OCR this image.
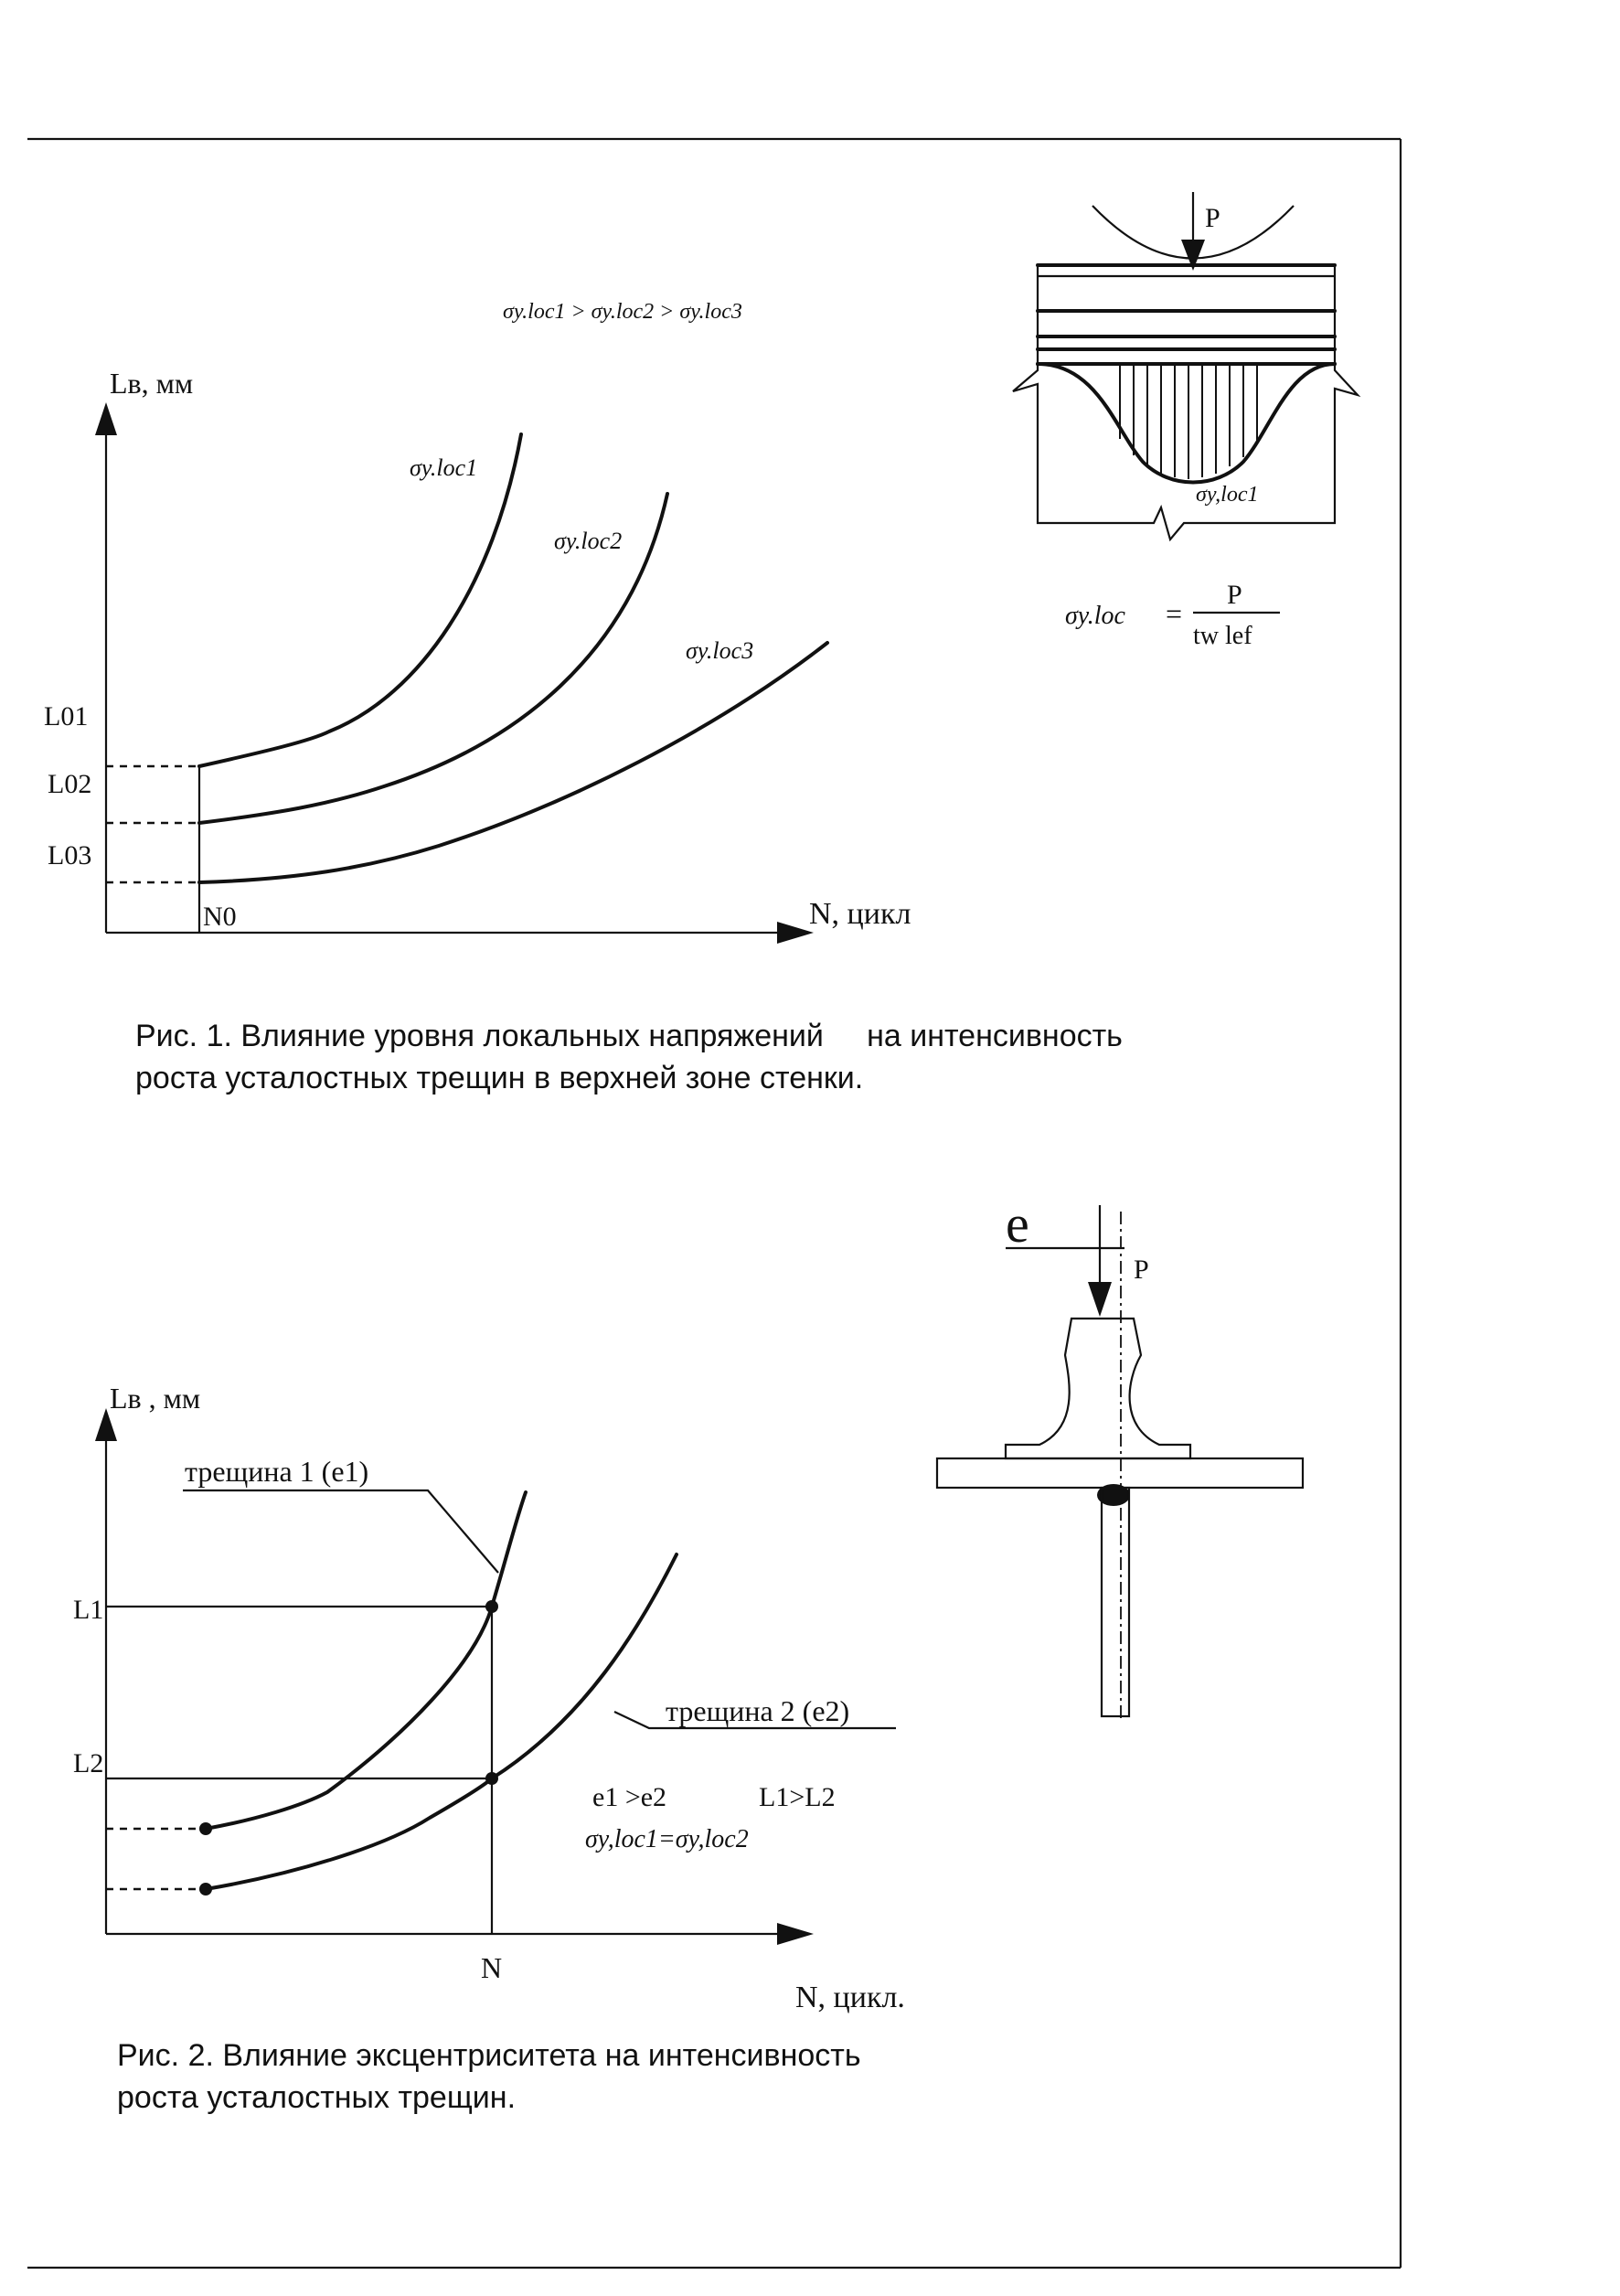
Lв, мм
N, цикл
σy.loc1 > σy.loc2 > σy.loc3
σy.loc1
σy.loc2
σy.loc3
L01
L02
L03
N0
P
σy,loc1
σy.loc =
P
tw lef
Lв , мм
N, цикл.
трещина 1 (e1)
трещина 2 (e2)
L1
L2
N
e1 >e2	L1>L2
σy,loc1=σy,loc2
e
P
Рис. 1. Влияние уровня локальных напряжений     на интенсивность
роста усталостных трещин в верхней зоне стенки.
Рис. 2. Влияние эксцентриситета на интенсивность
роста усталостных трещин.
